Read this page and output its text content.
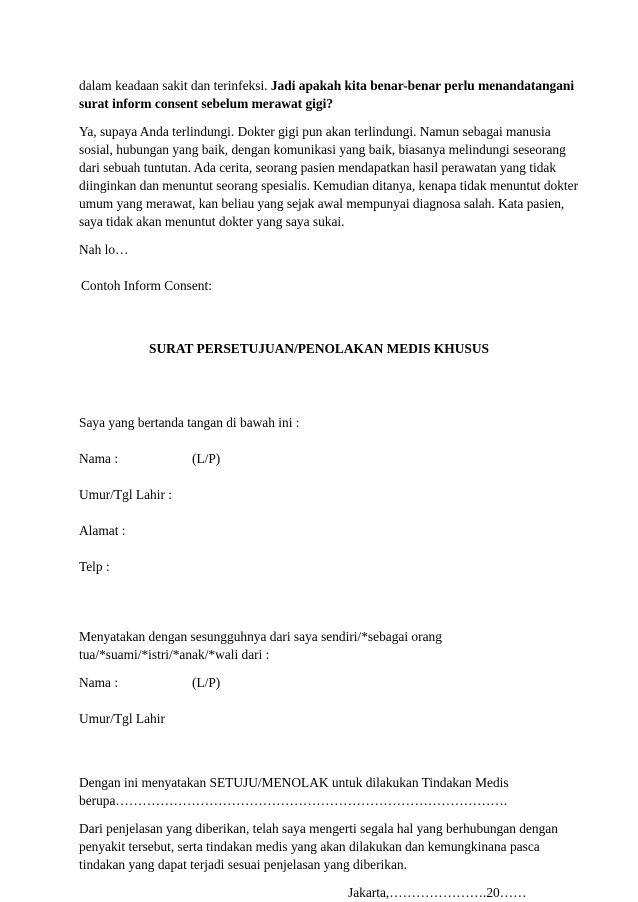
dalam keadaan sakit dan terinfeksi. Jadi apakah kita benar-benar perlu menandatangani surat inform consent sebelum merawat gigi?

Ya, supaya Anda terlindungi. Dokter gigi pun akan terlindungi. Namun sebagai manusia sosial, hubungan yang baik, dengan komunikasi yang baik, biasanya melindungi seseorang dari sebuah tuntutan. Ada cerita, seorang pasien mendapatkan hasil perawatan yang tidak diinginkan dan menuntut seorang spesialis. Kemudian ditanya, kenapa tidak menuntut dokter umum yang merawat, kan beliau yang sejak awal mempunyai diagnosa salah. Kata pasien, saya tidak akan menuntut dokter yang saya sukai.

Nah lo…

Contoh Inform Consent:

SURAT PERSETUJUAN/PENOLAKAN MEDIS KHUSUS

Saya yang bertanda tangan di bawah ini :

Nama :	(L/P)

Umur/Tgl Lahir :

Alamat :

Telp :

Menyatakan dengan sesungguhnya dari saya sendiri/*sebagai orang tua/*suami/*istri/*anak/*wali dari :

Nama :	(L/P)

Umur/Tgl Lahir

Dengan ini menyatakan SETUJU/MENOLAK untuk dilakukan Tindakan Medis

berupa…………………………………………………………………………….

Dari penjelasan yang diberikan, telah saya mengerti segala hal yang berhubungan dengan penyakit tersebut, serta tindakan medis yang akan dilakukan dan kemungkinana pasca tindakan yang dapat terjadi sesuai penjelasan yang diberikan.

Jakarta,………………….20……
